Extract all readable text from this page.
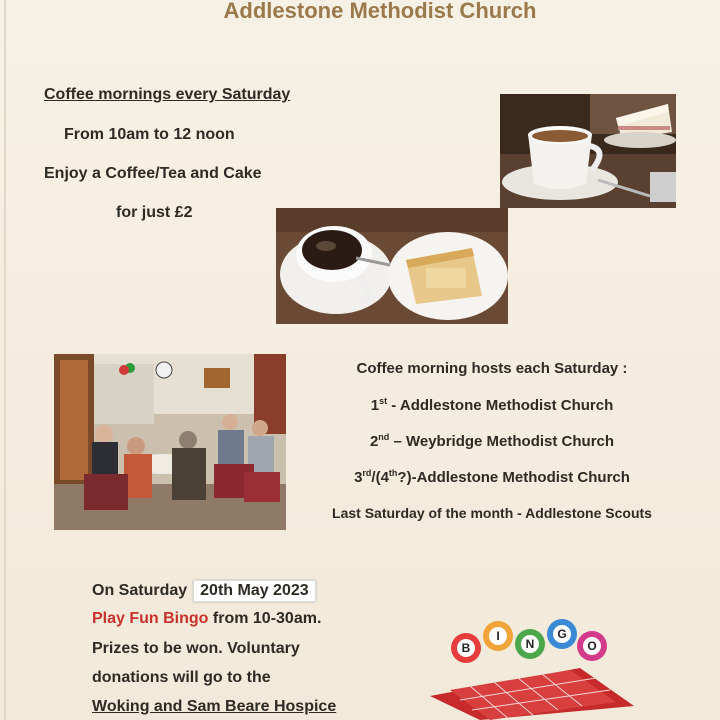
Addlestone Methodist Church
Coffee mornings every Saturday
From 10am to 12 noon
Enjoy a Coffee/Tea and Cake
for just £2
Coffee morning hosts each Saturday :
1st - Addlestone Methodist Church
2nd – Weybridge Methodist Church
3rd/(4th?)-Addlestone Methodist Church
Last Saturday of the month - Addlestone Scouts
On Saturday 20th May 2023
Play Fun Bingo from 10-30am.
Prizes to be won. Voluntary
donations will go to the
Woking and Sam Beare Hospice
B
I
N
G
O
